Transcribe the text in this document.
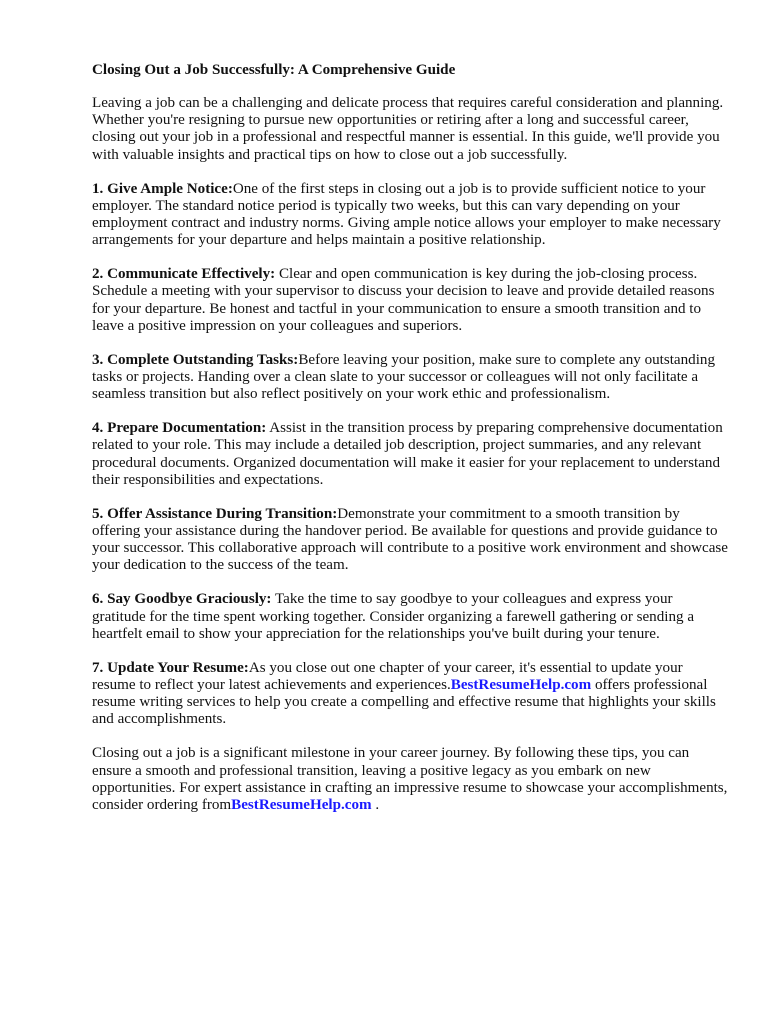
Closing Out a Job Successfully: A Comprehensive Guide

Leaving a job can be a challenging and delicate process that requires careful consideration and planning. Whether you're resigning to pursue new opportunities or retiring after a long and successful career, closing out your job in a professional and respectful manner is essential. In this guide, we'll provide you with valuable insights and practical tips on how to close out a job successfully.

1. Give Ample Notice:One of the first steps in closing out a job is to provide sufficient notice to your employer. The standard notice period is typically two weeks, but this can vary depending on your employment contract and industry norms. Giving ample notice allows your employer to make necessary arrangements for your departure and helps maintain a positive relationship.

2. Communicate Effectively: Clear and open communication is key during the job-closing process. Schedule a meeting with your supervisor to discuss your decision to leave and provide detailed reasons for your departure. Be honest and tactful in your communication to ensure a smooth transition and to leave a positive impression on your colleagues and superiors.

3. Complete Outstanding Tasks:Before leaving your position, make sure to complete any outstanding tasks or projects. Handing over a clean slate to your successor or colleagues will not only facilitate a seamless transition but also reflect positively on your work ethic and professionalism.

4. Prepare Documentation: Assist in the transition process by preparing comprehensive documentation related to your role. This may include a detailed job description, project summaries, and any relevant procedural documents. Organized documentation will make it easier for your replacement to understand their responsibilities and expectations.

5. Offer Assistance During Transition:Demonstrate your commitment to a smooth transition by offering your assistance during the handover period. Be available for questions and provide guidance to your successor. This collaborative approach will contribute to a positive work environment and showcase your dedication to the success of the team.

6. Say Goodbye Graciously: Take the time to say goodbye to your colleagues and express your gratitude for the time spent working together. Consider organizing a farewell gathering or sending a heartfelt email to show your appreciation for the relationships you've built during your tenure.

7. Update Your Resume:As you close out one chapter of your career, it's essential to update your resume to reflect your latest achievements and experiences.BestResumeHelp.com offers professional resume writing services to help you create a compelling and effective resume that highlights your skills and accomplishments.

Closing out a job is a significant milestone in your career journey. By following these tips, you can ensure a smooth and professional transition, leaving a positive legacy as you embark on new opportunities. For expert assistance in crafting an impressive resume to showcase your accomplishments, consider ordering fromBestResumeHelp.com .
